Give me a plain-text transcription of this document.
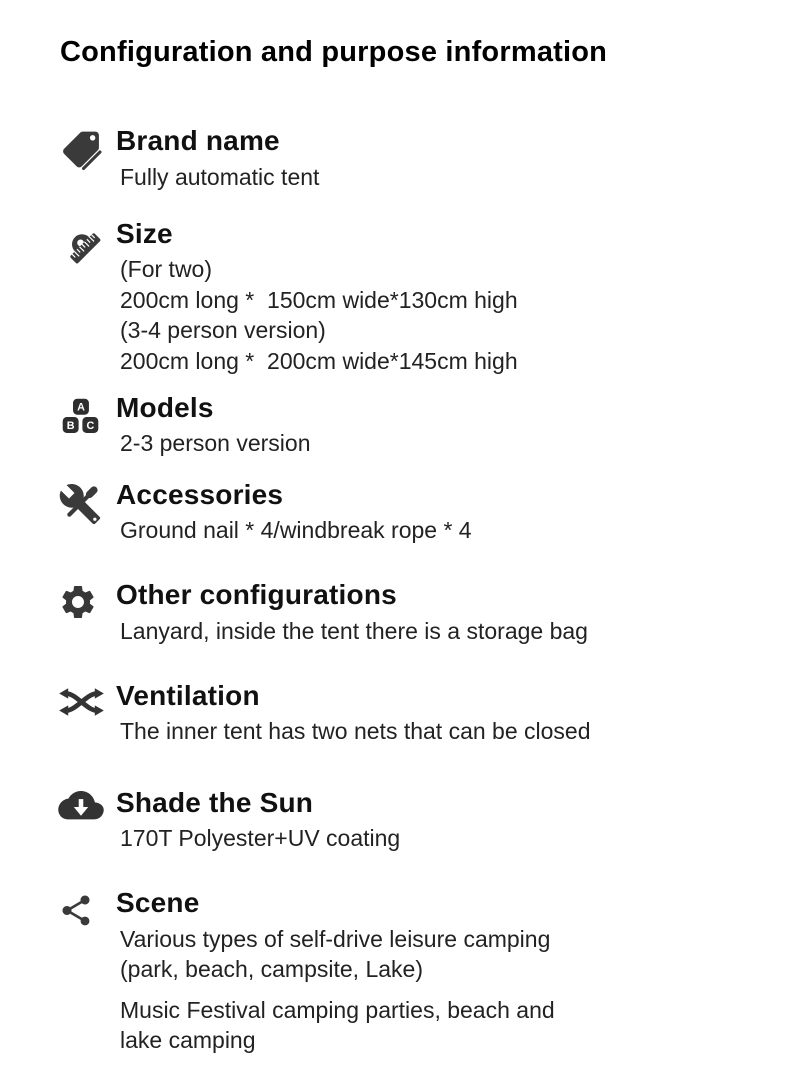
Configuration and purpose information
Brand name
Fully automatic tent
Size
(For two)
200cm long *  150cm wide*130cm high
(3-4 person version)
200cm long *  200cm wide*145cm high
A
B C
Models
2-3 person version
Accessories
Ground nail * 4/windbreak rope * 4
Other configurations
Lanyard, inside the tent there is a storage bag
Ventilation
The inner tent has two nets that can be closed
Shade the Sun
170T Polyester+UV coating
Scene
Various types of self-drive leisure camping
(park, beach, campsite, Lake)
Music Festival camping parties, beach and
lake camping
